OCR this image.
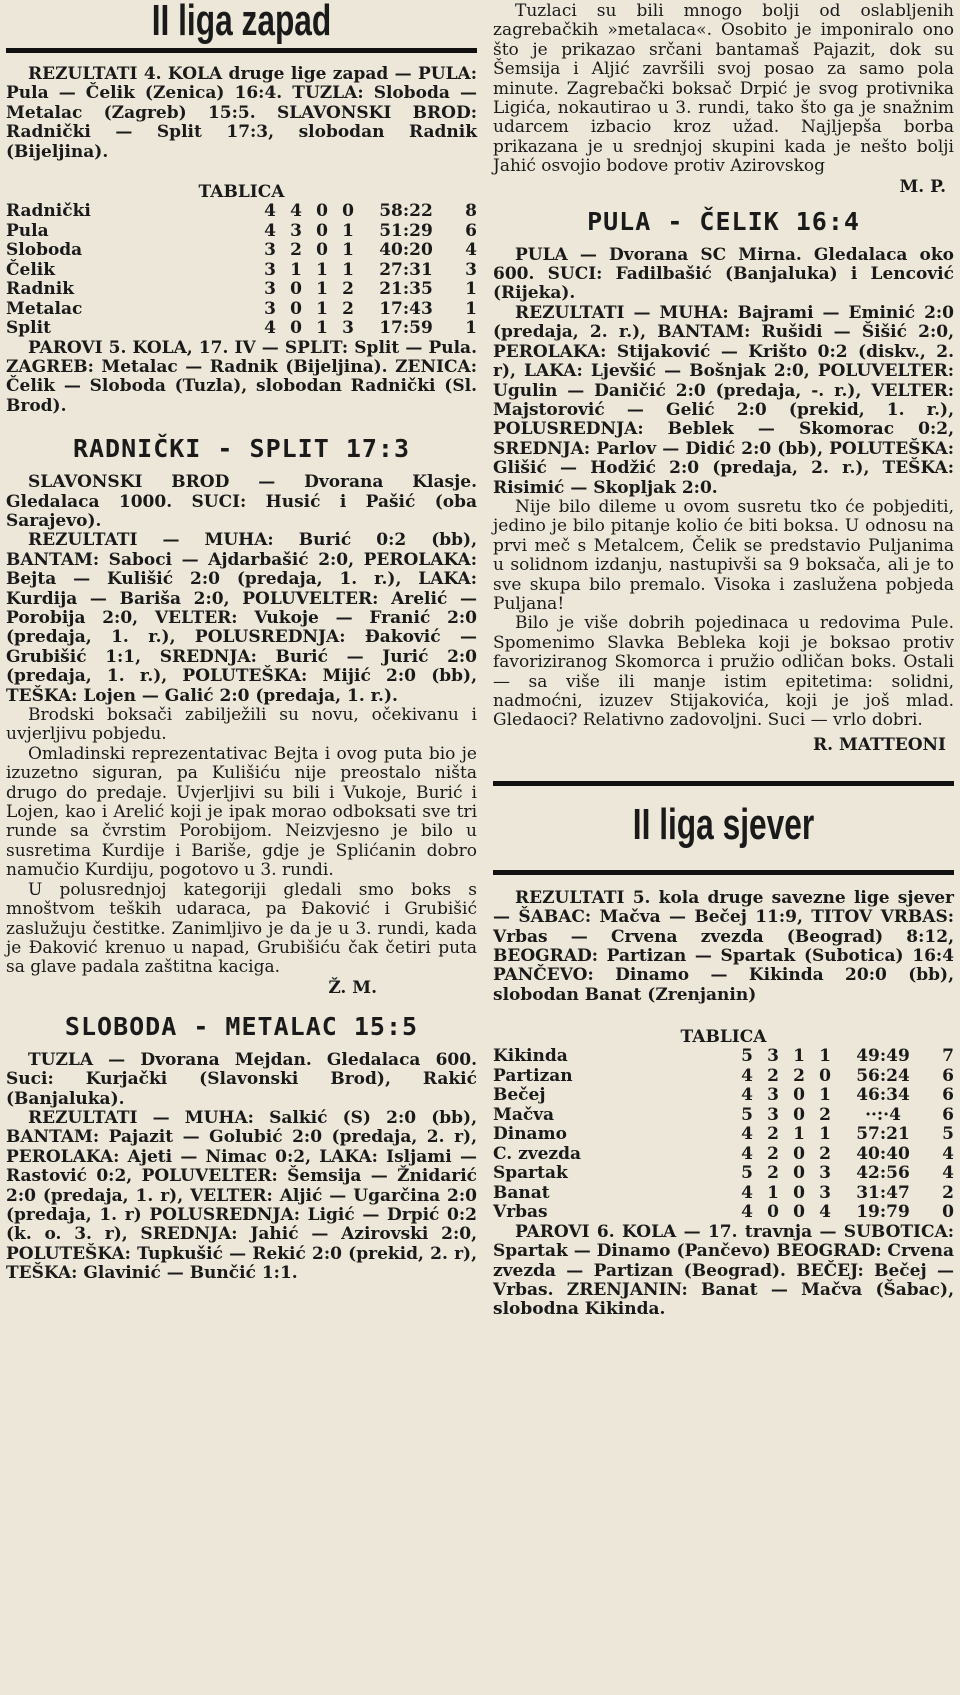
II liga zapad

REZULTATI 4. KOLA druge lige zapad — PULA: Pula — Čelik (Zenica) 16:4. TUZLA: Sloboda — Metalac (Zagreb) 15:5. SLAVONSKI BROD: Radnički — Split 17:3, slobodan Radnik (Bijeljina).

TABLICA
Radnički	4	4	0	0	58:22	8
Pula	4	3	0	1	51:29	6
Sloboda	3	2	0	1	40:20	4
Čelik	3	1	1	1	27:31	3
Radnik	3	0	1	2	21:35	1
Metalac	3	0	1	2	17:43	1
Split	4	0	1	3	17:59	1

PAROVI 5. KOLA, 17. IV — SPLIT: Split — Pula. ZAGREB: Metalac — Radnik (Bijeljina). ZENICA: Čelik — Sloboda (Tuzla), slobodan Radnički (Sl. Brod).

RADNIČKI - SPLIT 17:3

SLAVONSKI BROD — Dvorana Klasje. Gledalaca 1000. SUCI: Husić i Pašić (oba Sarajevo).

REZULTATI — MUHA: Burić 0:2 (bb), BANTAM: Saboci — Ajdarbašić 2:0, PEROLAKA: Bejta — Kulišić 2:0 (predaja, 1. r.), LAKA: Kurdija — Bariša 2:0, POLUVELTER: Arelić — Porobija 2:0, VELTER: Vukoje — Franić 2:0 (predaja, 1. r.), POLUSREDNJA: Đaković — Grubišić 1:1, SREDNJA: Burić — Jurić 2:0 (predaja, 1. r.), POLUTEŠKA: Mijić 2:0 (bb), TEŠKA: Lojen — Galić 2:0 (predaja, 1. r.).

Brodski boksači zabilježili su novu, očekivanu i uvjerljivu pobjedu.

Omladinski reprezentativac Bejta i ovog puta bio je izuzetno siguran, pa Kulišiću nije preostalo ništa drugo do predaje. Uvjerljivi su bili i Vukoje, Burić i Lojen, kao i Arelić koji je ipak morao odboksati sve tri runde sa čvrstim Porobijom. Neizvjesno je bilo u susretima Kurdije i Bariše, gdje je Splićanin dobro namučio Kurdiju, pogotovo u 3. rundi.

U polusrednjoj kategoriji gledali smo boks s mnoštvom teških udaraca, pa Đaković i Grubišić zaslužuju čestitke. Zanimljivo je da je u 3. rundi, kada je Đaković krenuo u napad, Grubišiću čak četiri puta sa glave padala zaštitna kaciga.

Ž. M.
SLOBODA - METALAC 15:5

TUZLA — Dvorana Mejdan. Gledalaca 600. Suci: Kurjački (Slavonski Brod), Rakić (Banjaluka).

REZULTATI — MUHA: Salkić (S) 2:0 (bb), BANTAM: Pajazit — Golubić 2:0 (predaja, 2. r), PEROLAKA: Ajeti — Nimac 0:2, LAKA: Isljami — Rastović 0:2, POLUVELTER: Šemsija — Žnidarić 2:0 (predaja, 1. r), VELTER: Aljić — Ugarčina 2:0 (predaja, 1. r) POLUSREDNJA: Ligić — Drpić 0:2 (k. o. 3. r), SREDNJA: Jahić — Azirovski 2:0, POLUTEŠKA: Tupkušić — Rekić 2:0 (prekid, 2. r), TEŠKA: Glavinić — Bunčić 1:1.

Tuzlaci su bili mnogo bolji od oslabljenih zagrebačkih »metalaca«. Osobito je imponiralo ono što je prikazao srčani bantamaš Pajazit, dok su Šemsija i Aljić završili svoj posao za samo pola minute. Zagrebački boksač Drpić je svog protivnika Ligića, nokautirao u 3. rundi, tako što ga je snažnim udarcem izbacio kroz užad. Najljepša borba prikazana je u srednjoj skupini kada je nešto bolji Jahić osvojio bodove protiv Azirovskog

M. P.
PULA - ČELIK 16:4

PULA — Dvorana SC Mirna. Gledalaca oko 600. SUCI: Fadilbašić (Banjaluka) i Lencović (Rijeka).

REZULTATI — MUHA: Bajrami — Eminić 2:0 (predaja, 2. r.), BANTAM: Rušidi — Šišić 2:0, PEROLAKA: Stijaković — Krišto 0:2 (diskv., 2. r), LAKA: Ljevšić — Bošnjak 2:0, POLUVELTER: Ugulin — Daničić 2:0 (predaja, -. r.), VELTER: Majstorović — Gelić 2:0 (prekid, 1. r.), POLUSREDNJA: Beblek — Skomorac 0:2, SREDNJA: Parlov — Didić 2:0 (bb), POLUTEŠKA: Glišić — Hodžić 2:0 (predaja, 2. r.), TEŠKA: Risimić — Skopljak 2:0.

Nije bilo dileme u ovom susretu tko će pobjediti, jedino je bilo pitanje kolio će biti boksa. U odnosu na prvi meč s Metalcem, Čelik se predstavio Puljanima u solidnom izdanju, nastupivši sa 9 boksača, ali je to sve skupa bilo premalo. Visoka i zaslužena pobjeda Puljana!

Bilo je više dobrih pojedinaca u redovima Pule. Spomenimo Slavka Bebleka koji je boksao protiv favoriziranog Skomorca i pružio odličan boks. Ostali — sa više ili manje istim epitetima: solidni, nadmoćni, izuzev Stijakovića, koji je još mlad. Gledaoci? Relativno zadovoljni. Suci — vrlo dobri.

R. MATTEONI
II liga sjever

REZULTATI 5. kola druge savezne lige sjever — ŠABAC: Mačva — Bečej 11:9, TITOV VRBAS: Vrbas — Crvena zvezda (Beograd) 8:12, BEOGRAD: Partizan — Spartak (Subotica) 16:4 PANČEVO: Dinamo — Kikinda 20:0 (bb), slobodan Banat (Zrenjanin)

TABLICA
Kikinda	5	3	1	1	49:49	7
Partizan	4	2	2	0	56:24	6
Bečej	4	3	0	1	46:34	6
Mačva	5	3	0	2	··:·4	6
Dinamo	4	2	1	1	57:21	5
C. zvezda	4	2	0	2	40:40	4
Spartak	5	2	0	3	42:56	4
Banat	4	1	0	3	31:47	2
Vrbas	4	0	0	4	19:79	0

PAROVI 6. KOLA — 17. travnja — SUBOTICA: Spartak — Dinamo (Pančevo) BEOGRAD: Crvena zvezda — Partizan (Beograd). BEČEJ: Bečej — Vrbas. ZRENJANIN: Banat — Mačva (Šabac), slobodna Kikinda.
